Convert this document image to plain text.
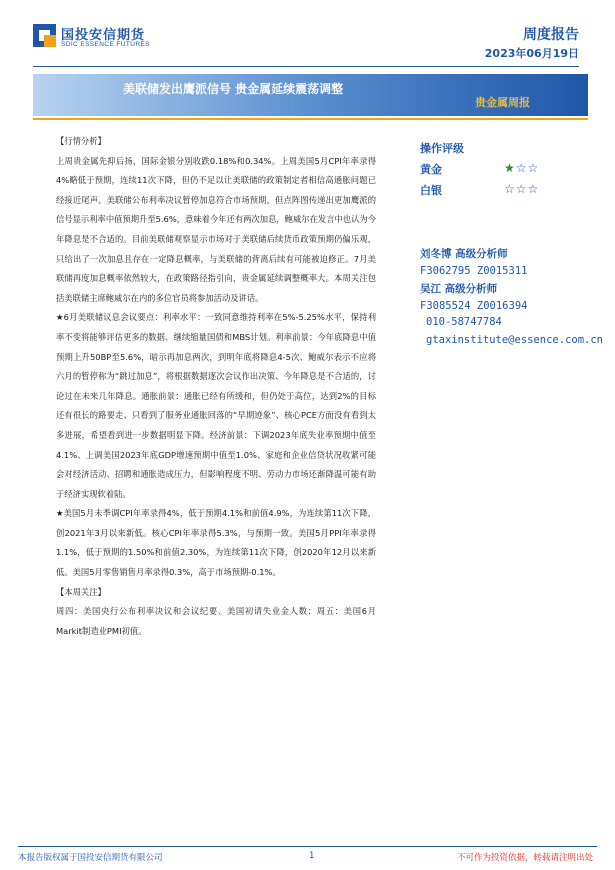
国投安信期货
SDIC ESSENCE FUTURES
周度报告
2023年06月19日
美联储发出鹰派信号 贵金属延续震荡调整
贵金属周报

【行情分析】

上周贵金属先抑后扬，国际金银分别收跌0.18%和0.34%。上周美国5月CPI年率录得4%略低于预期，连续11次下降，但仍不足以让美联储的政策制定者相信高通胀问题已经接近尾声。美联储公布利率决议暂停加息符合市场预期，但点阵图传递出更加鹰派的信号显示利率中值预期升至5.6%，意味着今年还有两次加息，鲍威尔在发言中也认为今年降息是不合适的。目前美联储观察显示市场对于美联储后续货币政策预期仍偏乐观，只给出了一次加息且存在一定降息概率，与美联储的背离后续有可能被迫修正。7月美联储再度加息概率依然较大，在政策路径指引向，贵金属延续调整概率大。本周关注包括美联储主席鲍威尔在内的多位官员将参加活动及讲话。

★6月美联储议息会议要点：利率水平：一致同意维持利率在5%-5.25%水平，保持利率不变将能够评估更多的数据、继续缩量国债和MBS计划。利率前景：今年底降息中值预期上升50BP至5.6%，暗示再加息两次，到明年底将降息4-5次、鲍威尔表示不应将六月的暂停称为“跳过加息”，将根据数据逐次会议作出决策、今年降息是不合适的，讨论过在未来几年降息。通胀前景：通胀已经有所缓和，但仍处于高位，达到2%的目标还有很长的路要走、只看到了服务业通胀回落的“早期迹象”、核心PCE方面没有看到太多进展，希望看到进一步数据明显下降。经济前景：下调2023年底失业率预期中值至4.1%、上调美国2023年底GDP增速预期中值至1.0%、家庭和企业信贷状况收紧可能会对经济活动、招聘和通胀造成压力，但影响程度不明、劳动力市场还渐降温可能有助于经济实现软着陆。

★美国5月未季调CPI年率录得4%，低于预期4.1%和前值4.9%，为连续第11次下降，创2021年3月以来新低。核心CPI年率录得5.3%，与预期一致。美国5月PPI年率录得1.1%，低于预期的1.50%和前值2.30%，为连续第11次下降，创2020年12月以来新低。美国5月零售销售月率录得0.3%，高于市场预期-0.1%。

【本周关注】

周四：美国央行公布利率决议和会议纪要、美国初请失业金人数；周五：美国6月Markit制造业PMI初值。

操作评级
黄金	★☆☆
白银	☆☆☆
刘冬博 高级分析师
F3062795 Z0015311
吴江 高级分析师
F3085524 Z0016394
010-58747784
gtaxinstitute@essence.com.cn
本报告版权属于国投安信期货有限公司	1	不可作为投资依据，转载请注明出处
